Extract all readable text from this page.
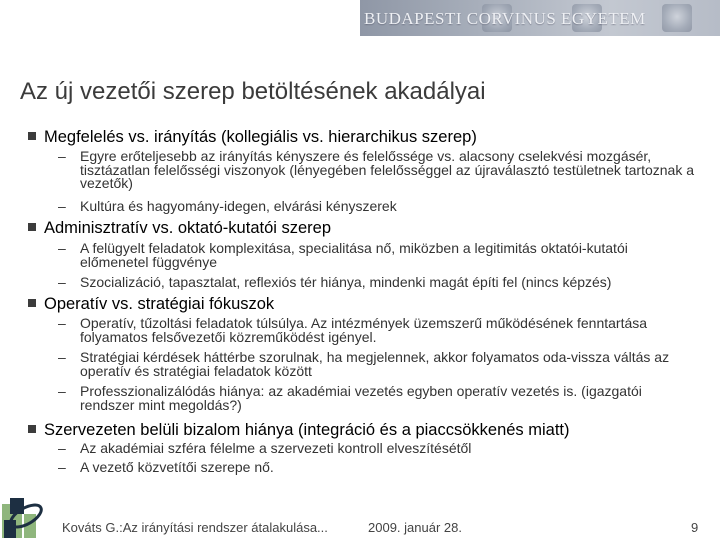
BUDAPESTI CORVINUS EGYETEM
Az új vezetői szerep betöltésének akadályai
Megfelelés vs. irányítás (kollegiális vs. hierarchikus szerep)
– Egyre erőteljesebb az irányítás kényszere és felelőssége vs. alacsony cselekvési mozgásér, tisztázatlan felelősségi viszonyok (lényegében felelősséggel az újraválasztó testületnek tartoznak a vezetők)
– Kultúra és hagyomány-idegen, elvárási kényszerek
Adminisztratív vs. oktató-kutatói szerep
– A felügyelt feladatok komplexitása, specialitása nő, miközben a legitimitás oktatói-kutatói előmenetel függvénye
– Szocializáció, tapasztalat, reflexiós tér hiánya, mindenki magát építi fel (nincs képzés)
Operatív vs. stratégiai fókuszok
– Operatív, tűzoltási feladatok túlsúlya. Az intézmények üzemszerű működésének fenntartása folyamatos felsővezetői közreműködést igényel.
– Stratégiai kérdések háttérbe szorulnak, ha megjelennek, akkor folyamatos oda-vissza váltás az operatív és stratégiai feladatok között
– Professzionalizálódás hiánya: az akadémiai vezetés egyben operatív vezetés is. (igazgatói rendszer mint megoldás?)
Szervezeten belüli bizalom hiánya (integráció és a piaccsökkenés miatt)
– Az akadémiai szféra félelme a szervezeti kontroll elveszítésétől
– A vezető közvetítői szerepe nő.
Kováts G.:Az irányítási rendszer átalakulása...	2009. január 28.	9
